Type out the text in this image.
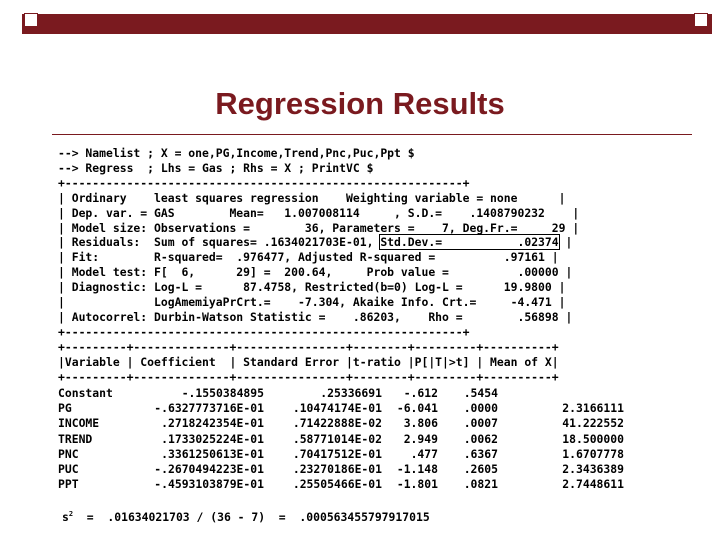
Regression Results
--> Namelist ; X = one,PG,Income,Trend,Pnc,Puc,Ppt $
--> Regress  ; Lhs = Gas ; Rhs = X ; PrintVC $
+----------------------------------------------------------+
| Ordinary    least squares regression    Weighting variable = none      |
| Dep. var. = GAS        Mean=   1.007008114     , S.D.=    .1408790232    |
| Model size: Observations =        36, Parameters =    7, Deg.Fr.=     29 |
| Residuals:  Sum of squares= .1634021703E-01, Std.Dev.=           .02374 |
| Fit:        R-squared=  .976477, Adjusted R-squared =          .97161 |
| Model test: F[  6,      29] =  200.64,     Prob value =          .00000 |
| Diagnostic: Log-L =      87.4758, Restricted(b=0) Log-L =      19.9800 |
|             LogAmemiyaPrCrt.=    -7.304, Akaike Info. Crt.=     -4.471 |
| Autocorrel: Durbin-Watson Statistic =    .86203,    Rho =        .56898 |
+----------------------------------------------------------+
+---------+--------------+----------------+--------+---------+----------+
|Variable | Coefficient  | Standard Error |t-ratio |P[|T|>t] | Mean of X|
+---------+--------------+----------------+--------+---------+----------+
Constant	-.1550384895	.25336691	-.612	.5454
PG	-.6327773716E-01	.10474174E-01	-6.041	.0000	2.3166111
INCOME	.2718242354E-01	.71422888E-02	3.806	.0007	41.222552
TREND	.1733025224E-01	.58771014E-02	2.949	.0062	18.500000
PNC	.3361250613E-01	.70417512E-01	.477	.6367	1.6707778
PUC	-.2670494223E-01	.23270186E-01	-1.148	.2605	2.3436389
PPT	-.4593103879E-01	.25505466E-01	-1.801	.0821	2.7448611
$s^2 = .01634021703 / (36 - 7) = .000563455797917015$
